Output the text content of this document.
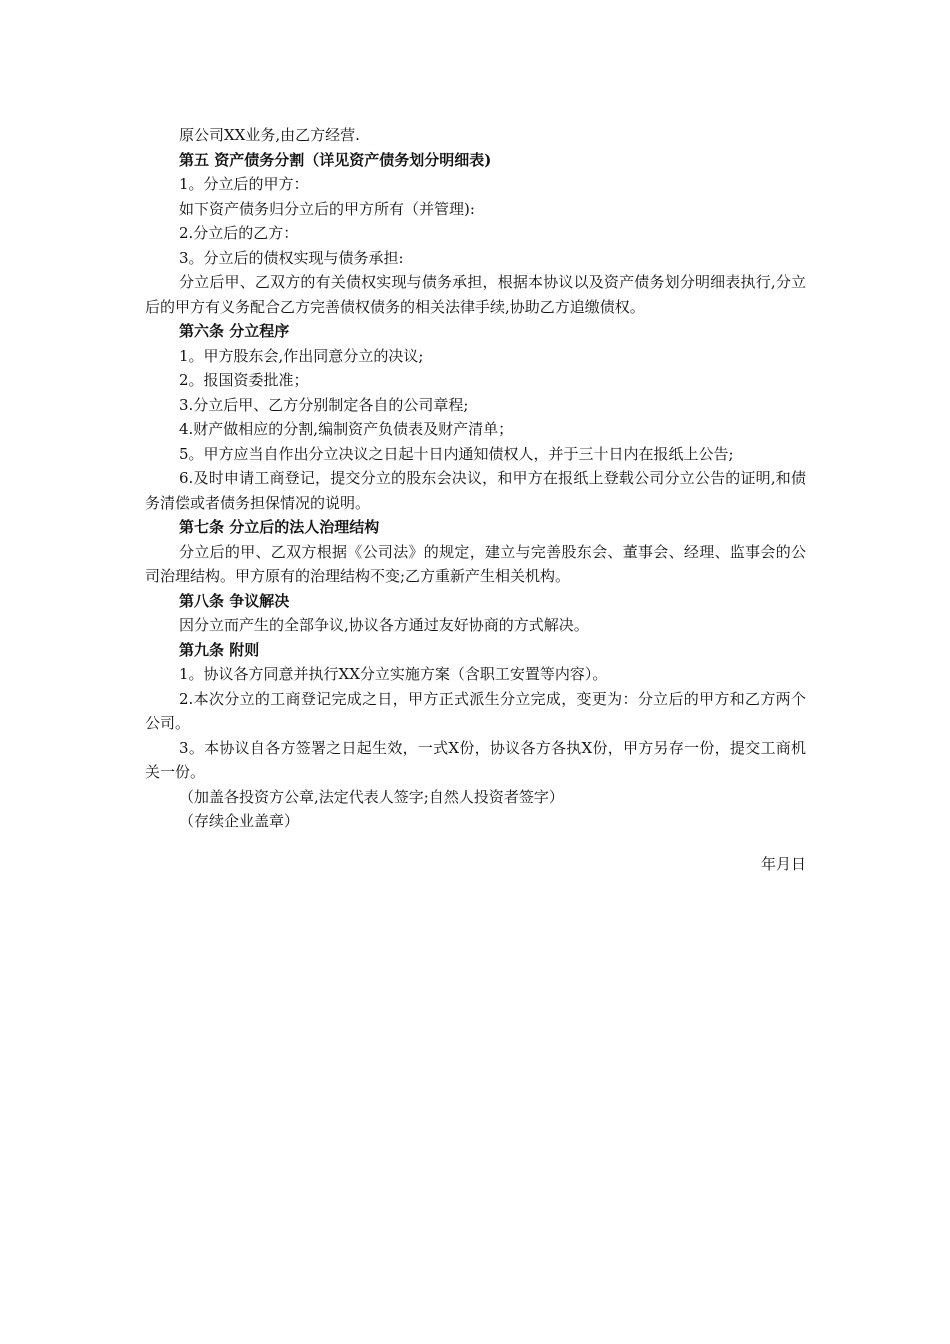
原公司XX业务,由乙方经营.

第五 资产债务分割（详见资产债务划分明细表)

1。分立后的甲方：

如下资产债务归分立后的甲方所有（并管理):

2.分立后的乙方：

3。分立后的债权实现与债务承担:

分立后甲、乙双方的有关债权实现与债务承担，根据本协议以及资产债务划分明细表执行,分立后的甲方有义务配合乙方完善债权债务的相关法律手续,协助乙方追缴债权。

第六条 分立程序

1。甲方股东会,作出同意分立的决议;

2。报国资委批准；

3.分立后甲、乙方分别制定各自的公司章程;

4.财产做相应的分割,编制资产负债表及财产清单；

5。甲方应当自作出分立决议之日起十日内通知债权人，并于三十日内在报纸上公告;

6.及时申请工商登记，提交分立的股东会决议，和甲方在报纸上登载公司分立公告的证明,和债务清偿或者债务担保情况的说明。

第七条 分立后的法人治理结构

分立后的甲、乙双方根据《公司法》的规定，建立与完善股东会、董事会、经理、监事会的公司治理结构。甲方原有的治理结构不变;乙方重新产生相关机构。

第八条 争议解决

因分立而产生的全部争议,协议各方通过友好协商的方式解决。

第九条 附则

1。协议各方同意并执行XX分立实施方案（含职工安置等内容）。

2.本次分立的工商登记完成之日，甲方正式派生分立完成，变更为：分立后的甲方和乙方两个公司。

3。本协议自各方签署之日起生效，一式X份，协议各方各执X份，甲方另存一份，提交工商机关一份。

（加盖各投资方公章,法定代表人签字;自然人投资者签字）

（存续企业盖章）

年月日
